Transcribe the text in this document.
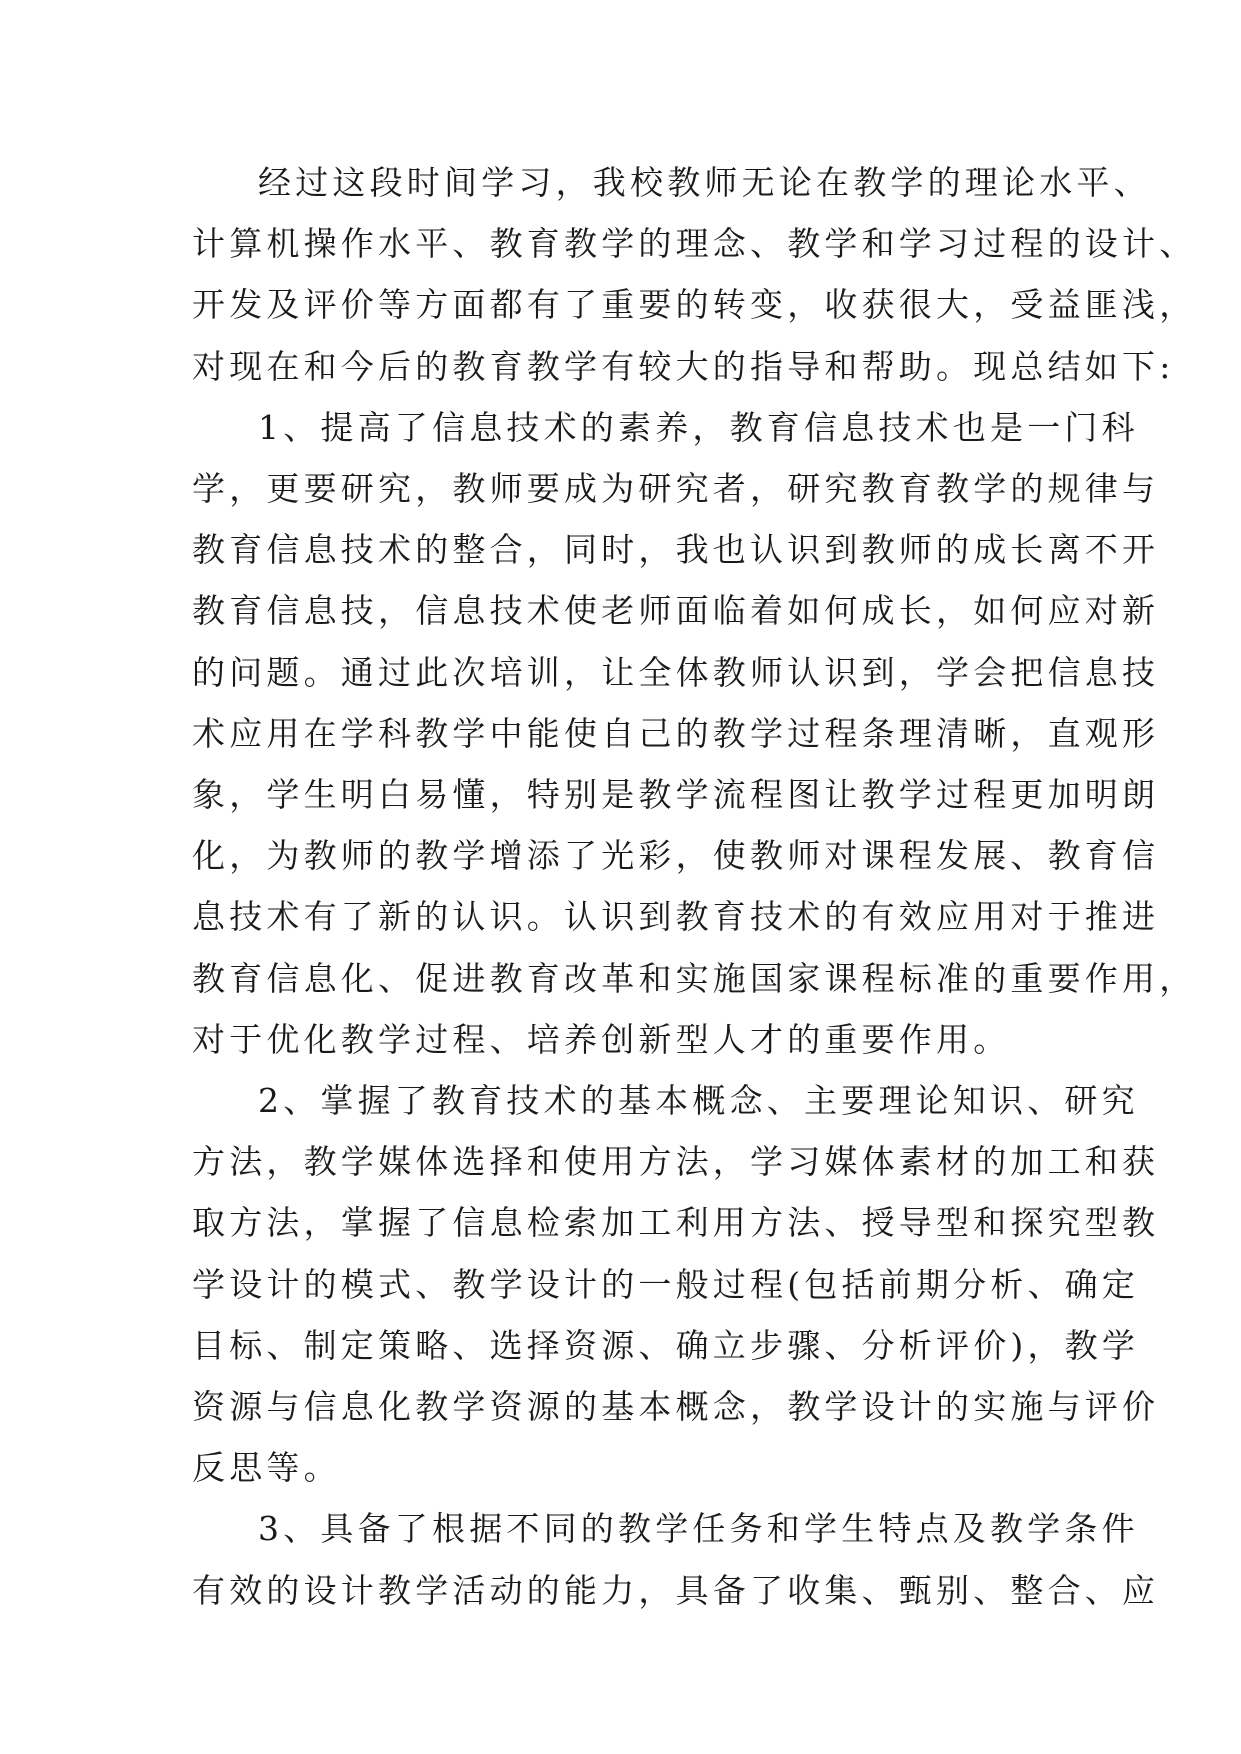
经过这段时间学习，我校教师无论在教学的理论水平、
计算机操作水平、教育教学的理念、教学和学习过程的设计、
开发及评价等方面都有了重要的转变，收获很大，受益匪浅，
对现在和今后的教育教学有较大的指导和帮助。现总结如下:

1、提高了信息技术的素养，教育信息技术也是一门科
学，更要研究，教师要成为研究者，研究教育教学的规律与
教育信息技术的整合，同时，我也认识到教师的成长离不开
教育信息技，信息技术使老师面临着如何成长，如何应对新
的问题。通过此次培训，让全体教师认识到，学会把信息技
术应用在学科教学中能使自己的教学过程条理清晰，直观形
象，学生明白易懂，特别是教学流程图让教学过程更加明朗
化，为教师的教学增添了光彩，使教师对课程发展、教育信
息技术有了新的认识。认识到教育技术的有效应用对于推进
教育信息化、促进教育改革和实施国家课程标准的重要作用，
对于优化教学过程、培养创新型人才的重要作用。

2、掌握了教育技术的基本概念、主要理论知识、研究
方法，教学媒体选择和使用方法，学习媒体素材的加工和获
取方法，掌握了信息检索加工利用方法、授导型和探究型教
学设计的模式、教学设计的一般过程(包括前期分析、确定
目标、制定策略、选择资源、确立步骤、分析评价)，教学
资源与信息化教学资源的基本概念，教学设计的实施与评价
反思等。

3、具备了根据不同的教学任务和学生特点及教学条件
有效的设计教学活动的能力，具备了收集、甄别、整合、应
